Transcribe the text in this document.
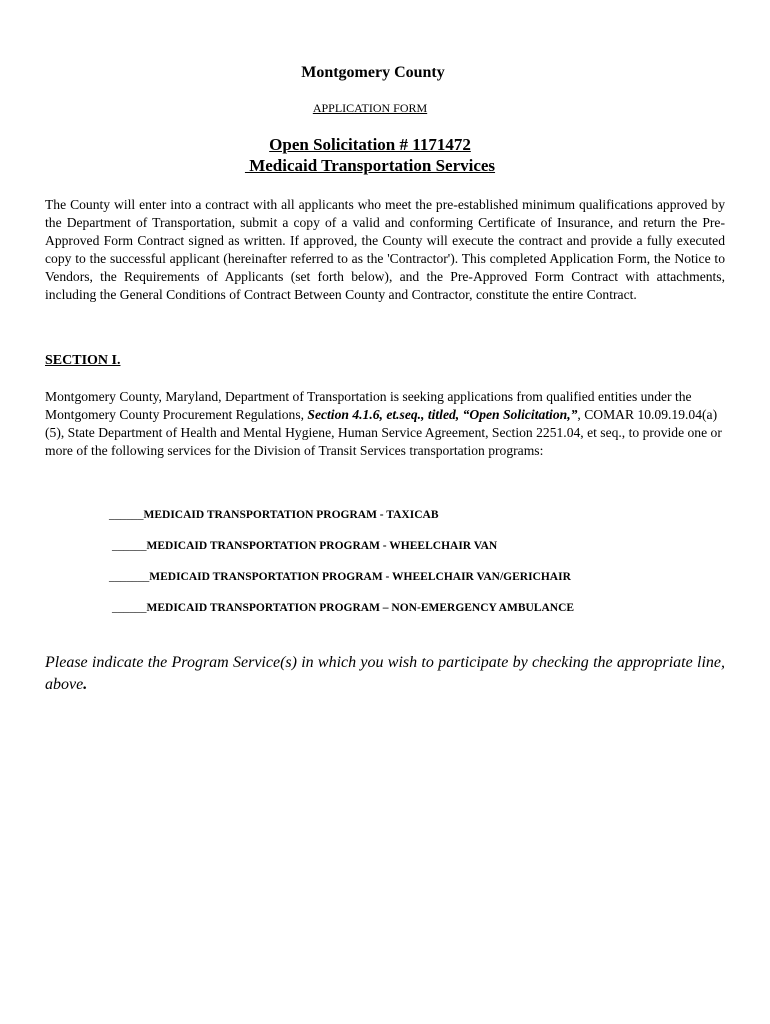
Montgomery County
APPLICATION FORM
Open Solicitation # 1171472
Medicaid Transportation Services
The County will enter into a contract with all applicants who meet the pre-established minimum qualifications approved by the Department of Transportation, submit a copy of a valid and conforming Certificate of Insurance, and return the Pre-Approved Form Contract signed as written. If approved, the County will execute the contract and provide a fully executed copy to the successful applicant (hereinafter referred to as the 'Contractor'). This completed Application Form, the Notice to Vendors, the Requirements of Applicants (set forth below), and the Pre-Approved Form Contract with attachments, including the General Conditions of Contract Between County and Contractor, constitute the entire Contract.
SECTION I.
Montgomery County, Maryland, Department of Transportation is seeking applications from qualified entities under the Montgomery County Procurement Regulations, Section 4.1.6, et.seq., titled, “Open Solicitation,”, COMAR 10.09.19.04(a)(5), State Department of Health and Mental Hygiene, Human Service Agreement, Section 2251.04, et seq., to provide one or more of the following services for the Division of Transit Services transportation programs:
______MEDICAID TRANSPORTATION PROGRAM - TAXICAB
______MEDICAID TRANSPORTATION PROGRAM - WHEELCHAIR VAN
_______MEDICAID TRANSPORTATION PROGRAM - WHEELCHAIR VAN/GERICHAIR
______MEDICAID TRANSPORTATION PROGRAM – NON-EMERGENCY AMBULANCE
Please indicate the Program Service(s) in which you wish to participate by checking the appropriate line, above.
